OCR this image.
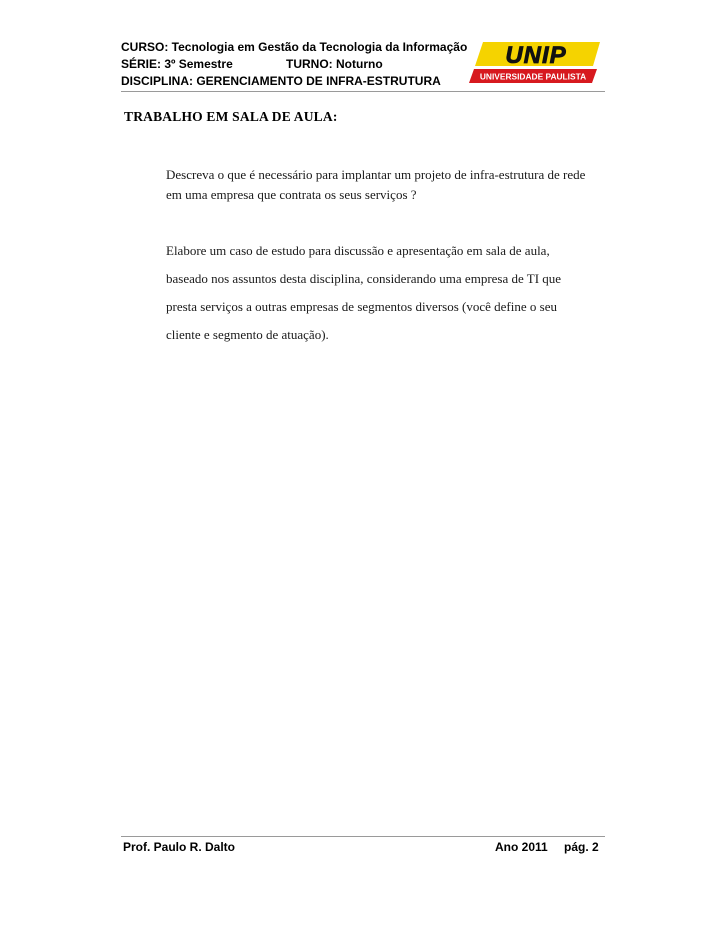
CURSO: Tecnologia em Gestão da Tecnologia da Informação
SÉRIE: 3º Semestre	TURNO: Noturno
DISCIPLINA: GERENCIAMENTO DE INFRA-ESTRUTURA
UNIP
UNIVERSIDADE PAULISTA
TRABALHO EM SALA DE AULA:
Descreva o que é necessário para implantar um projeto de infra-estrutura de rede
em uma empresa que contrata os seus serviços ?
Elabore um caso de estudo para discussão e apresentação em sala de aula,
baseado nos assuntos desta disciplina, considerando uma empresa de TI que
presta serviços a outras empresas de segmentos diversos (você define o seu
cliente e segmento de atuação).
Prof. Paulo R. Dalto	Ano 2011 pág. 2
